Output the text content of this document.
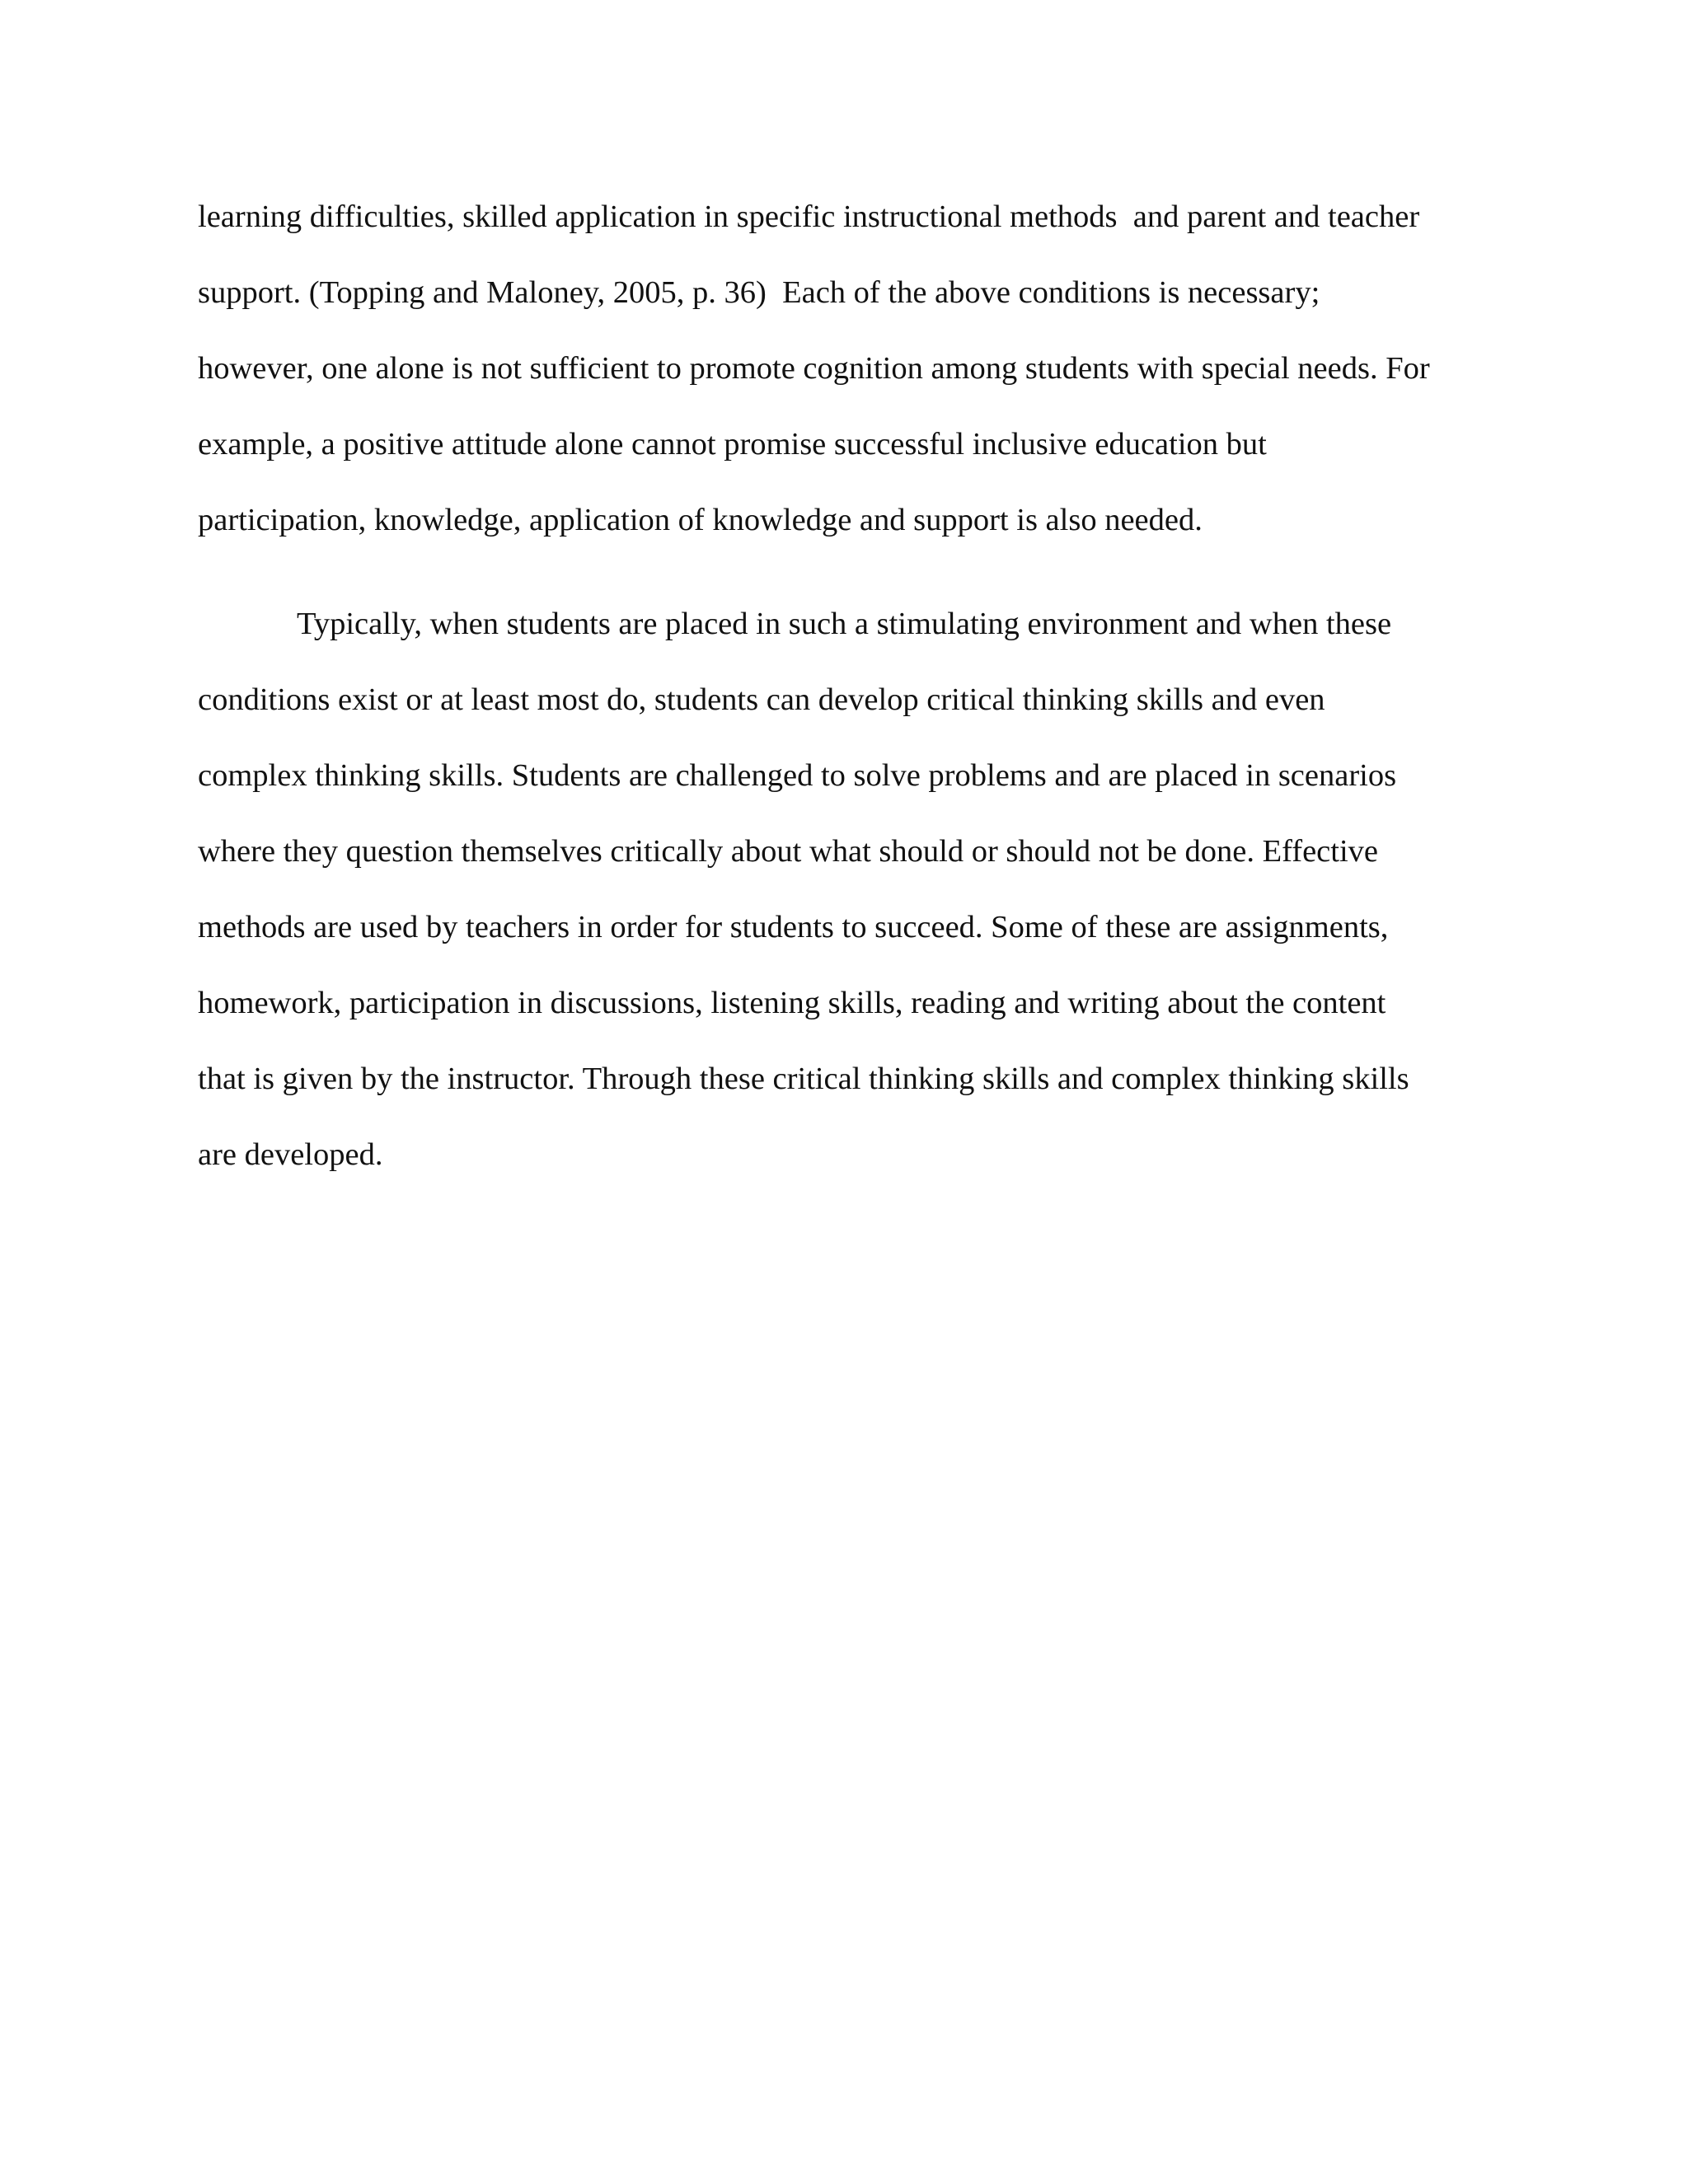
learning difficulties, skilled application in specific instructional methods  and parent and teacher
support. (Topping and Maloney, 2005, p. 36)  Each of the above conditions is necessary;
however, one alone is not sufficient to promote cognition among students with special needs. For
example, a positive attitude alone cannot promise successful inclusive education but
participation, knowledge, application of knowledge and support is also needed.
Typically, when students are placed in such a stimulating environment and when these
conditions exist or at least most do, students can develop critical thinking skills and even
complex thinking skills. Students are challenged to solve problems and are placed in scenarios
where they question themselves critically about what should or should not be done. Effective
methods are used by teachers in order for students to succeed. Some of these are assignments,
homework, participation in discussions, listening skills, reading and writing about the content
that is given by the instructor. Through these critical thinking skills and complex thinking skills
are developed.
